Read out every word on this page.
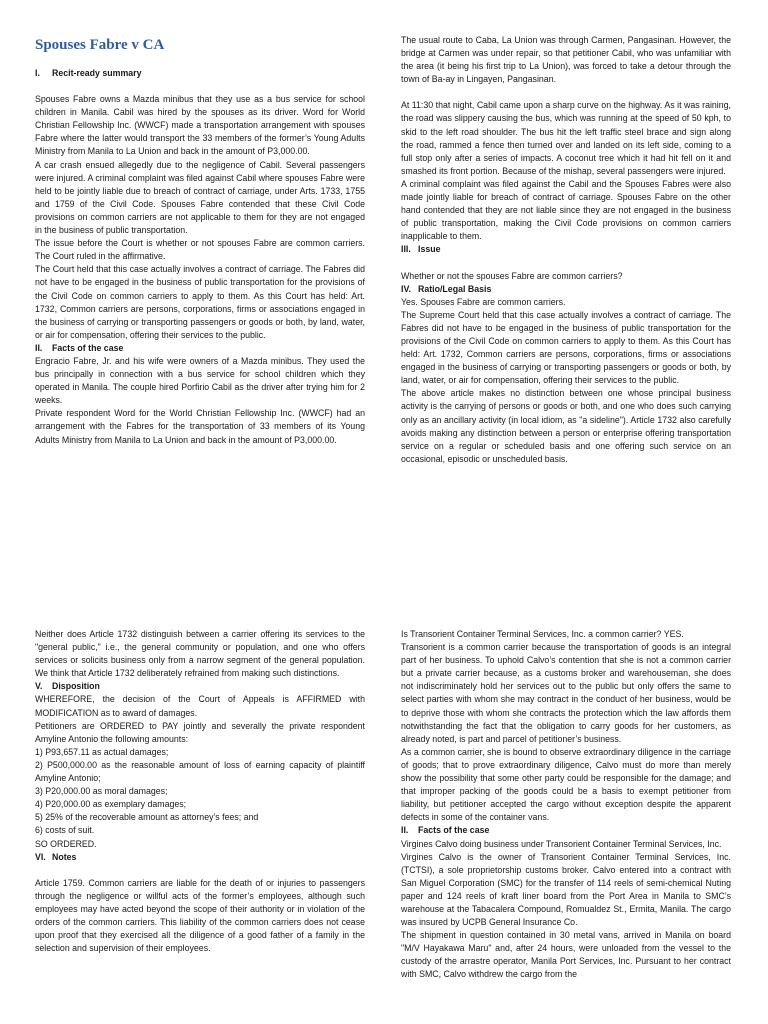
Spouses Fabre v CA
I. Recit-ready summary

Spouses Fabre owns a Mazda minibus that they use as a bus service for school children in Manila. Cabil was hired by the spouses as its driver. Word for World Christian Fellowship Inc. (WWCF) made a transportation arrangement with spouses Fabre where the latter would transport the 33 members of the former’s Young Adults Ministry from Manila to La Union and back in the amount of P3,000.00.

A car crash ensued allegedly due to the negligence of Cabil. Several passengers were injured. A criminal complaint was filed against Cabil where spouses Fabre were held to be jointly liable due to breach of contract of carriage, under Arts. 1733, 1755 and 1759 of the Civil Code. Spouses Fabre contended that these Civil Code provisions on common carriers are not applicable to them for they are not engaged in the business of public transportation.

The issue before the Court is whether or not spouses Fabre are common carriers. The Court ruled in the affirmative.

The Court held that this case actually involves a contract of carriage. The Fabres did not have to be engaged in the business of public transportation for the provisions of the Civil Code on common carriers to apply to them. As this Court has held: Art. 1732, Common carriers are persons, corporations, firms or associations engaged in the business of carrying or transporting passengers or goods or both, by land, water, or air for compensation, offering their services to the public.

II. Facts of the case

Engracio Fabre, Jr. and his wife were owners of a Mazda minibus. They used the bus principally in connection with a bus service for school children which they operated in Manila. The couple hired Porfirio Cabil as the driver after trying him for 2 weeks.

Private respondent Word for the World Christian Fellowship Inc. (WWCF) had an arrangement with the Fabres for the transportation of 33 members of its Young Adults Ministry from Manila to La Union and back in the amount of P3,000.00.

The usual route to Caba, La Union was through Carmen, Pangasinan. However, the bridge at Carmen was under repair, so that petitioner Cabil, who was unfamiliar with the area (it being his first trip to La Union), was forced to take a detour through the town of Ba-ay in Lingayen, Pangasinan.

At 11:30 that night, Cabil came upon a sharp curve on the highway. As it was raining, the road was slippery causing the bus, which was running at the speed of 50 kph, to skid to the left road shoulder. The bus hit the left traffic steel brace and sign along the road, rammed a fence then turned over and landed on its left side, coming to a full stop only after a series of impacts. A coconut tree which it had hit fell on it and smashed its front portion. Because of the mishap, several passengers were injured.

A criminal complaint was filed against the Cabil and the Spouses Fabres were also made jointly liable for breach of contract of carriage. Spouses Fabre on the other hand contended that they are not liable since they are not engaged in the business of public transportation, making the Civil Code provisions on common carriers inapplicable to them.

III. Issue

Whether or not the spouses Fabre are common carriers?

IV. Ratio/Legal Basis

Yes. Spouses Fabre are common carriers.

The Supreme Court held that this case actually involves a contract of carriage. The Fabres did not have to be engaged in the business of public transportation for the provisions of the Civil Code on common carriers to apply to them. As this Court has held: Art. 1732, Common carriers are persons, corporations, firms or associations engaged in the business of carrying or transporting passengers or goods or both, by land, water, or air for compensation, offering their services to the public.

The above article makes no distinction between one whose principal business activity is the carrying of persons or goods or both, and one who does such carrying only as an ancillary activity (in local idiom, as "a sideline"). Article 1732 also carefully avoids making any distinction between a person or enterprise offering transportation service on a regular or scheduled basis and one offering such service on an occasional, episodic or unscheduled basis.

Neither does Article 1732 distinguish between a carrier offering its services to the "general public," i.e., the general community or population, and one who offers services or solicits business only from a narrow segment of the general population. We think that Article 1732 deliberately refrained from making such distinctions.

V. Disposition

WHEREFORE, the decision of the Court of Appeals is AFFIRMED with MODIFICATION as to award of damages.

Petitioners are ORDERED to PAY jointly and severally the private respondent Amyline Antonio the following amounts:

1) P93,657.11 as actual damages;

2) P500,000.00 as the reasonable amount of loss of earning capacity of plaintiff Amyline Antonio;

3) P20,000.00 as moral damages;

4) P20,000.00 as exemplary damages;

5) 25% of the recoverable amount as attorney’s fees; and

6) costs of suit.

SO ORDERED.

VI. Notes

Article 1759. Common carriers are liable for the death of or injuries to passengers through the negligence or willful acts of the former’s employees, although such employees may have acted beyond the scope of their authority or in violation of the orders of the common carriers. This liability of the common carriers does not cease upon proof that they exercised all the diligence of a good father of a family in the selection and supervision of their employees.

Is Transorient Container Terminal Services, Inc. a common carrier? YES.

Transorient is a common carrier because the transportation of goods is an integral part of her business. To uphold Calvo’s contention that she is not a common carrier but a private carrier because, as a customs broker and warehouseman, she does not indiscriminately hold her services out to the public but only offers the same to select parties with whom she may contract in the conduct of her business, would be to deprive those with whom she contracts the protection which the law affords them notwithstanding the fact that the obligation to carry goods for her customers, as already noted, is part and parcel of petitioner’s business.

As a common carrier, she is bound to observe extraordinary diligence in the carriage of goods; that to prove extraordinary diligence, Calvo must do more than merely show the possibility that some other party could be responsible for the damage; and that improper packing of the goods could be a basis to exempt petitioner from liability, but petitioner accepted the cargo without exception despite the apparent defects in some of the container vans.

II. Facts of the case

Virgines Calvo doing business under Transorient Container Terminal Services, Inc.

Virgines Calvo is the owner of Transorient Container Terminal Services, Inc. (TCTSI), a sole proprietorship customs broker. Calvo entered into a contract with San Miguel Corporation (SMC) for the transfer of 114 reels of semi-chemical Nuting paper and 124 reels of kraft liner board from the Port Area in Manila to SMC’s warehouse at the Tabacalera Compound, Romualdez St., Ermita, Manila. The cargo was insured by UCPB General Insurance Co.

The shipment in question contained in 30 metal vans, arrived in Manila on board "M/V Hayakawa Maru" and, after 24 hours, were unloaded from the vessel to the custody of the arrastre operator, Manila Port Services, Inc. Pursuant to her contract with SMC, Calvo withdrew the cargo from the
